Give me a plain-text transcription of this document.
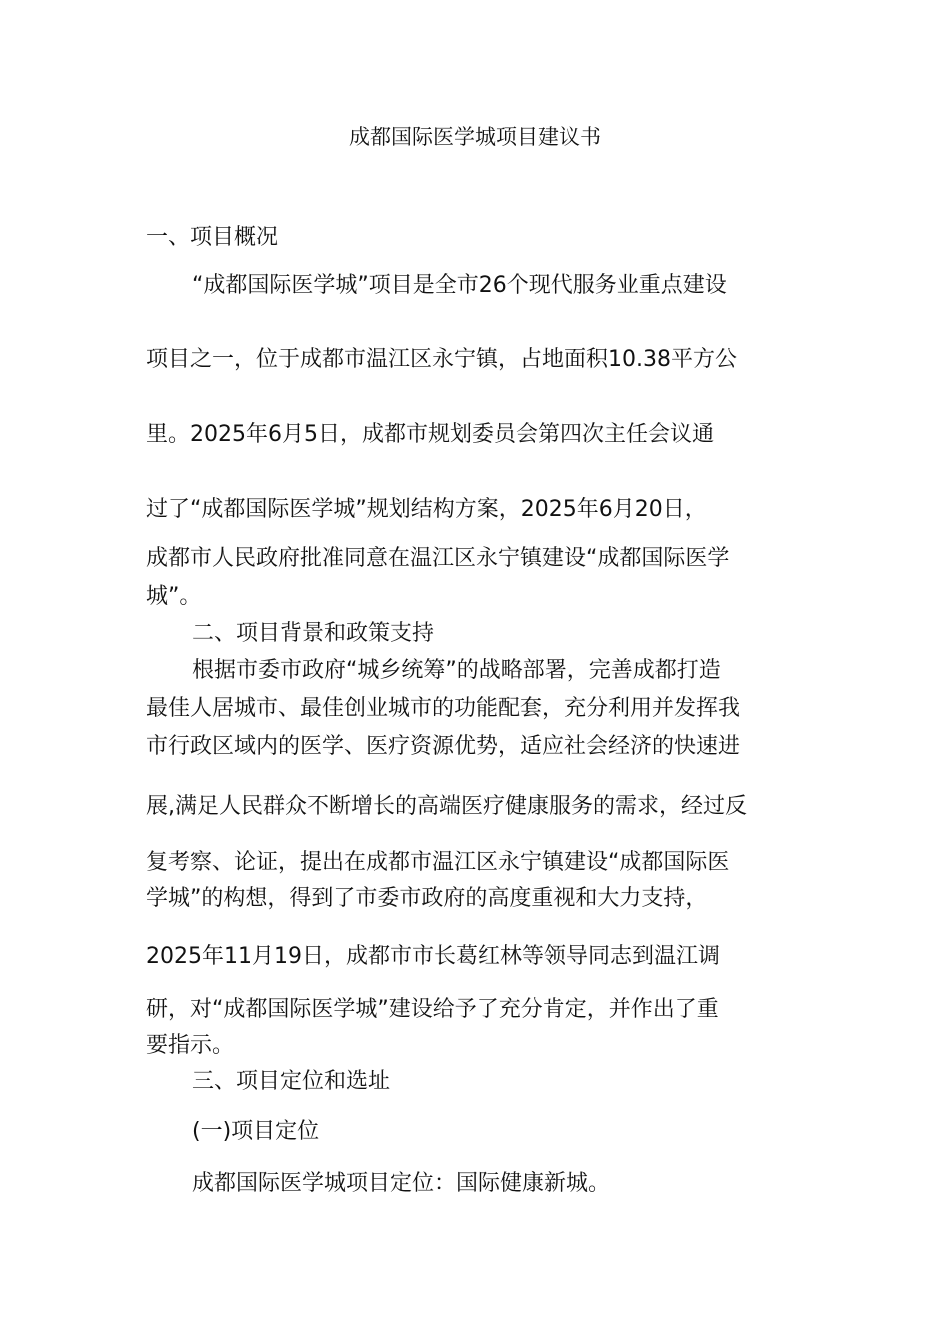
成都国际医学城项目建议书
一、项目概况
“成都国际医学城”项目是全市26个现代服务业重点建设
项目之一，位于成都市温江区永宁镇，占地面积10.38平方公
里。2025年6月5日，成都市规划委员会第四次主任会议通
过了“成都国际医学城”规划结构方案，2025年6月20日，
成都市人民政府批准同意在温江区永宁镇建设“成都国际医学
城”。
二、项目背景和政策支持
根据市委市政府“城乡统筹”的战略部署，完善成都打造
最佳人居城市、最佳创业城市的功能配套，充分利用并发挥我
市行政区域内的医学、医疗资源优势，适应社会经济的快速进
展,满足人民群众不断增长的高端医疗健康服务的需求，经过反
复考察、论证，提出在成都市温江区永宁镇建设“成都国际医
学城”的构想，得到了市委市政府的高度重视和大力支持，
2025年11月19日，成都市市长葛红林等领导同志到温江调
研，对“成都国际医学城”建设给予了充分肯定，并作出了重
要指示。
三、项目定位和选址
(一)项目定位
成都国际医学城项目定位：国际健康新城。
